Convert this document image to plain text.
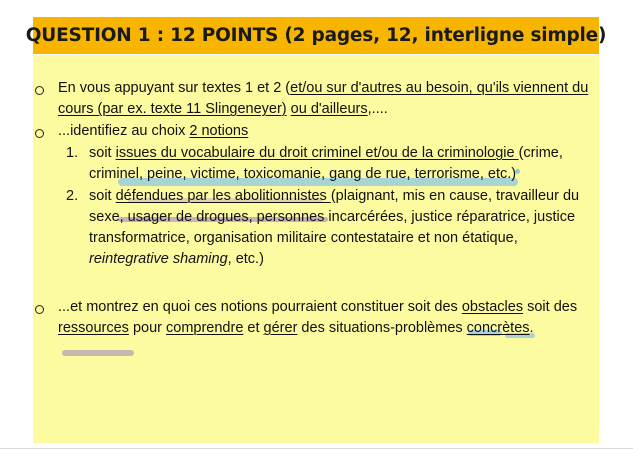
QUESTION 1 : 12 POINTS (2 pages, 12, interligne simple)
En vous appuyant sur textes 1 et 2 (et/ou sur d'autres au besoin, qu'ils viennent du
cours (par ex. texte 11 Slingeneyer) ou d'ailleurs,....
...identifiez au choix 2 notions
1. soit issues du vocabulaire du droit criminel et/ou de la criminologie (crime,
criminel, peine, victime, toxicomanie, gang de rue, terrorisme, etc.)
2. soit défendues par les abolitionnistes (plaignant, mis en cause, travailleur du
sexe, usager de drogues, personnes incarcérées, justice réparatrice, justice
transformatrice, organisation militaire contestataire et non étatique,
reintegrative shaming, etc.)
...et montrez en quoi ces notions pourraient constituer soit des obstacles soit des
ressources pour comprendre et gérer des situations-problèmes concrètes.
